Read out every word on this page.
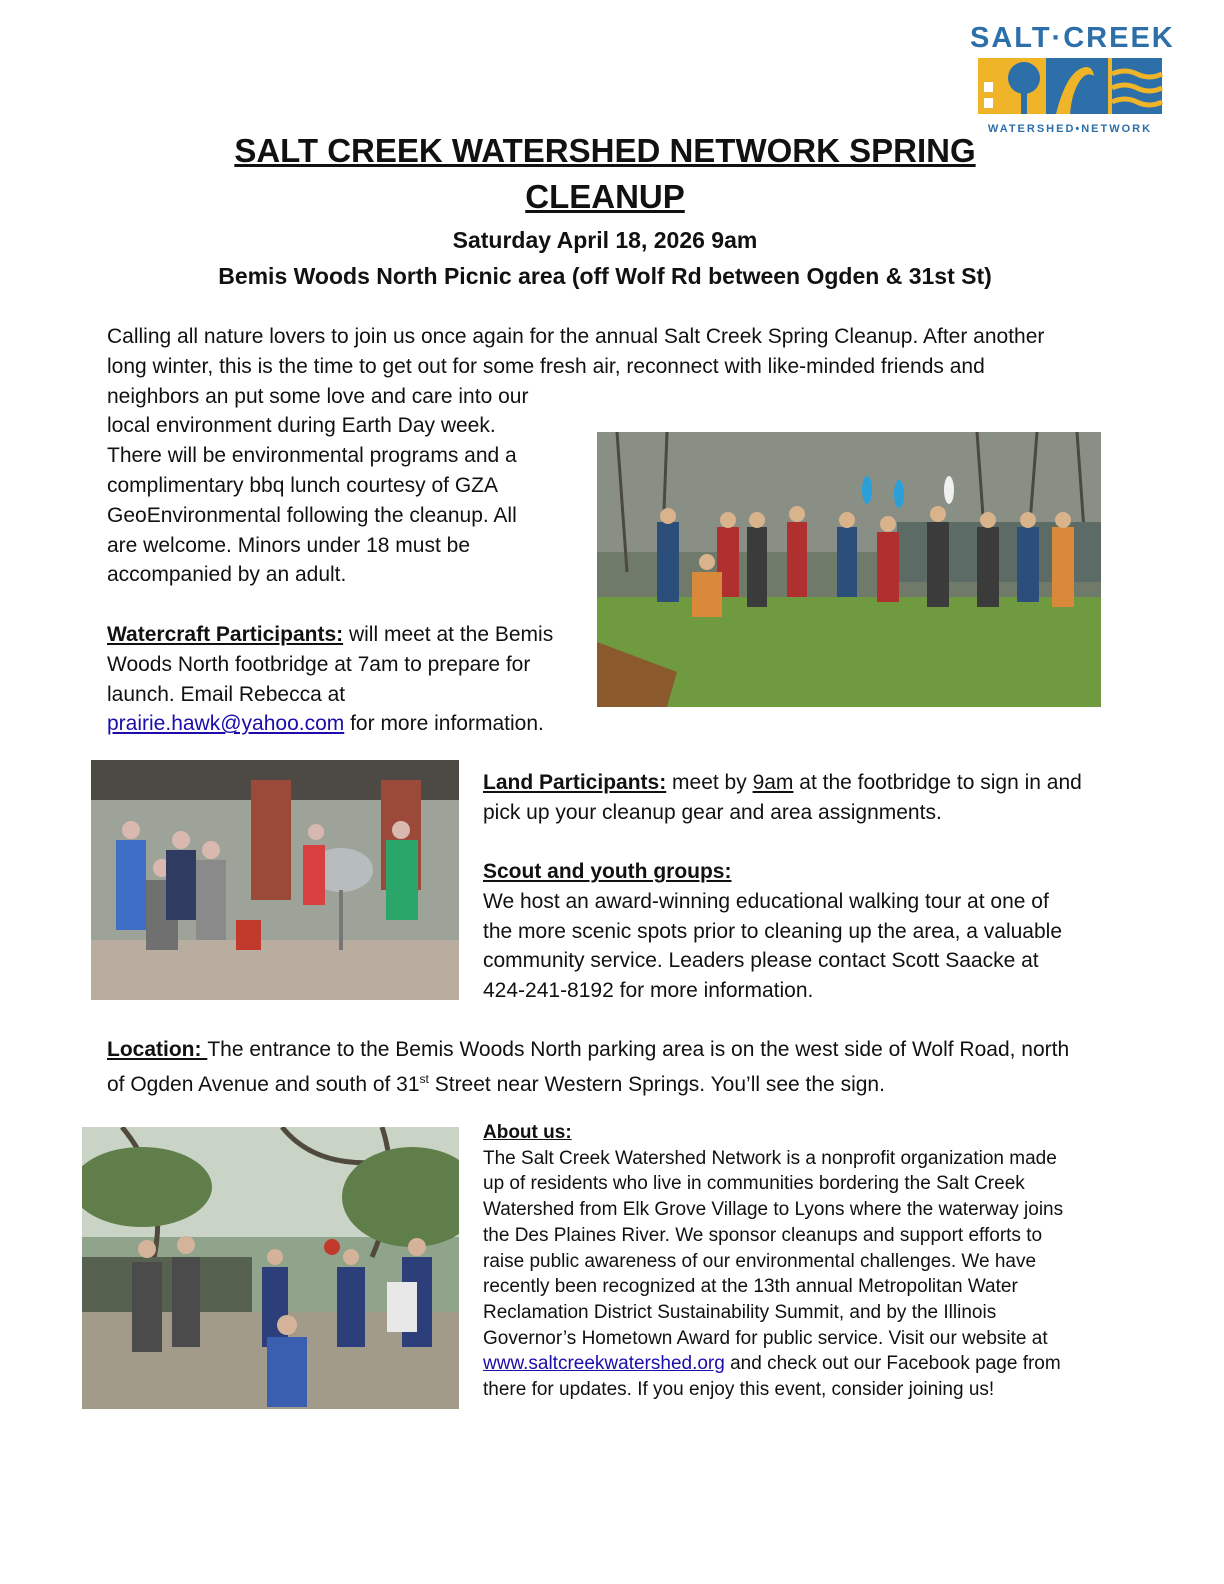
SALT·CREEK
WATERSHED•NETWORK

SALT CREEK WATERSHED NETWORK SPRING

CLEANUP

Saturday April 18, 2026 9am

Bemis Woods North Picnic area (off Wolf Rd between Ogden & 31st St)

Calling all nature lovers to join us once again for the annual Salt Creek Spring Cleanup. After another

long winter, this is the time to get out for some fresh air, reconnect with like-minded friends and

neighbors an put some love and care into our

local environment during Earth Day week.

There will be environmental programs and a

complimentary bbq lunch courtesy of GZA

GeoEnvironmental following the cleanup. All

are welcome. Minors under 18 must be

accompanied by an adult.

Watercraft Participants: will meet at the Bemis

Woods North footbridge at 7am to prepare for

launch. Email Rebecca at

prairie.hawk@yahoo.com for more information.

Land Participants: meet by 9am at the footbridge to sign in and

pick up your cleanup gear and area assignments.

Scout and youth groups:

We host an award-winning educational walking tour at one of

the more scenic spots prior to cleaning up the area, a valuable

community service. Leaders please contact Scott Saacke at

424-241-8192 for more information.

Location: The entrance to the Bemis Woods North parking area is on the west side of Wolf Road, north

of Ogden Avenue and south of 31st Street near Western Springs. You’ll see the sign.

About us:

The Salt Creek Watershed Network is a nonprofit organization made

up of residents who live in communities bordering the Salt Creek

Watershed from Elk Grove Village to Lyons where the waterway joins

the Des Plaines River. We sponsor cleanups and support efforts to

raise public awareness of our environmental challenges. We have

recently been recognized at the 13th annual Metropolitan Water

Reclamation District Sustainability Summit, and by the Illinois

Governor’s Hometown Award for public service. Visit our website at

www.saltcreekwatershed.org and check out our Facebook page from

there for updates. If you enjoy this event, consider joining us!
